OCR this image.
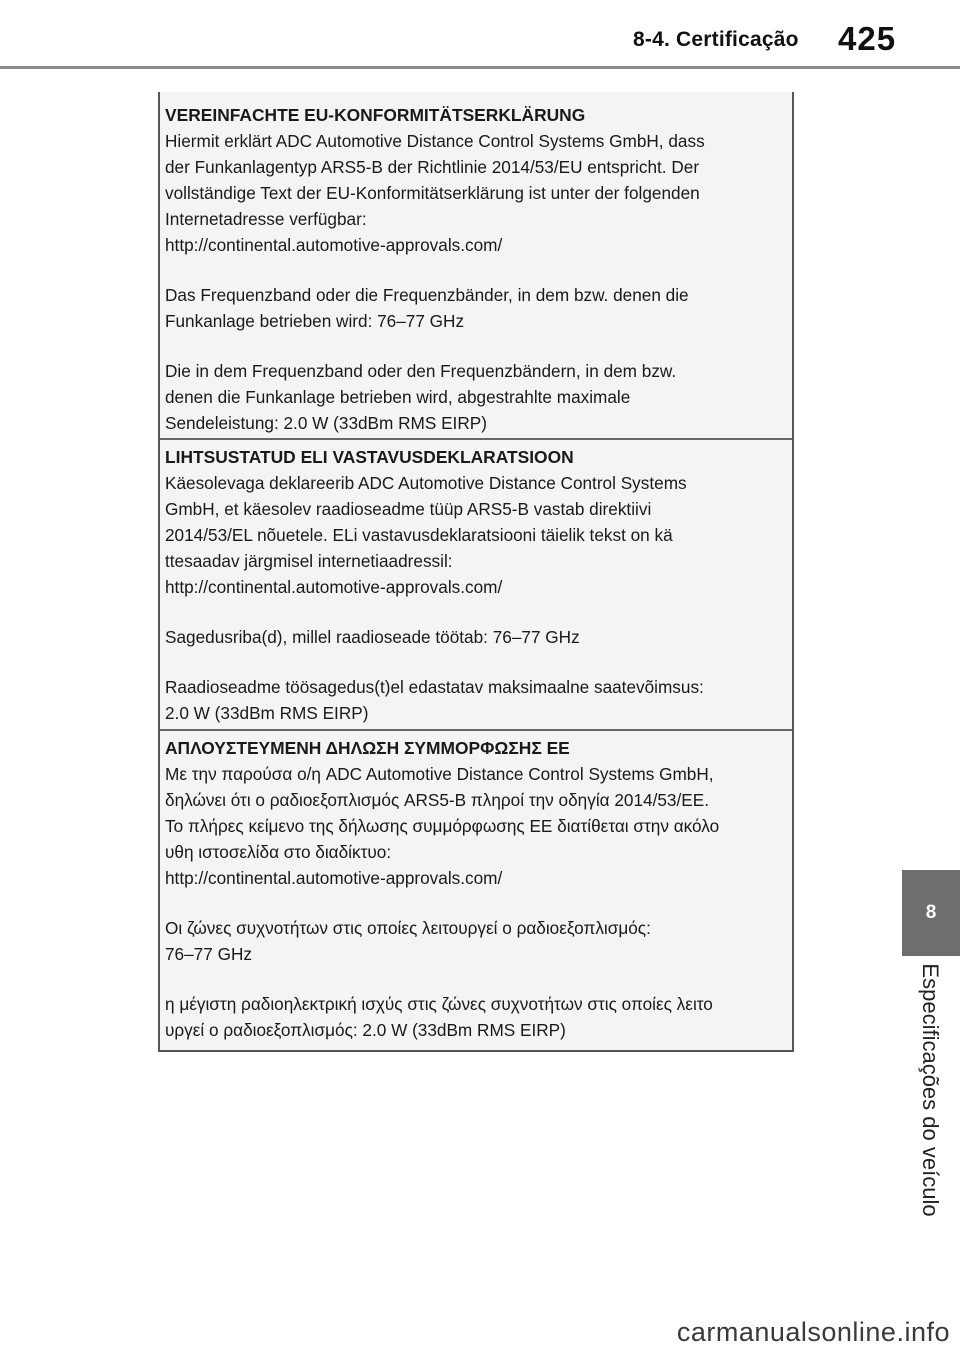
8-4. Certificação 425

VEREINFACHTE EU-KONFORMITÄTSERKLÄRUNG

Hiermit erklärt ADC Automotive Distance Control Systems GmbH, dass
der Funkanlagentyp ARS5-B der Richtlinie 2014/53/EU entspricht. Der
vollständige Text der EU-Konformitätserklärung ist unter der folgenden
Internetadresse verfügbar:

http://continental.automotive-approvals.com/

Das Frequenzband oder die Frequenzbänder, in dem bzw. denen die
Funkanlage betrieben wird: 76–77 GHz

Die in dem Frequenzband oder den Frequenzbändern, in dem bzw.
denen die Funkanlage betrieben wird, abgestrahlte maximale
Sendeleistung: 2.0 W (33dBm RMS EIRP)

LIHTSUSTATUD ELI VASTAVUSDEKLARATSIOON

Käesolevaga deklareerib ADC Automotive Distance Control Systems
GmbH, et käesolev raadioseadme tüüp ARS5-B vastab direktiivi
2014/53/EL nõuetele. ELi vastavusdeklaratsiooni täielik tekst on kä
ttesaadav järgmisel internetiaadressil:

http://continental.automotive-approvals.com/

Sagedusriba(d), millel raadioseade töötab: 76–77 GHz

Raadioseadme töösagedus(t)el edastatav maksimaalne saatevõimsus:
2.0 W (33dBm RMS EIRP)

ΑΠΛΟΥΣΤΕΥΜΕΝΗ ΔΗΛΩΣΗ ΣΥΜΜΟΡΦΩΣΗΣ ΕΕ

Με την παρούσα ο/η ADC Automotive Distance Control Systems GmbH,
δηλώνει ότι ο ραδιοεξοπλισμός ARS5-B πληροί την οδηγία 2014/53/ΕΕ.
Το πλήρες κείμενο της δήλωσης συμμόρφωσης ΕΕ διατίθεται στην ακόλο
υθη ιστοσελίδα στο διαδίκτυο:

http://continental.automotive-approvals.com/

Οι ζώνες συχνοτήτων στις οποίες λειτουργεί ο ραδιοεξοπλισμός:
76–77 GHz

η μέγιστη ραδιοηλεκτρική ισχύς στις ζώνες συχνοτήτων στις οποίες λειτο
υργεί ο ραδιοεξοπλισμός: 2.0 W (33dBm RMS EIRP)

8
Especificações do veículo
carmanualsonline.info
